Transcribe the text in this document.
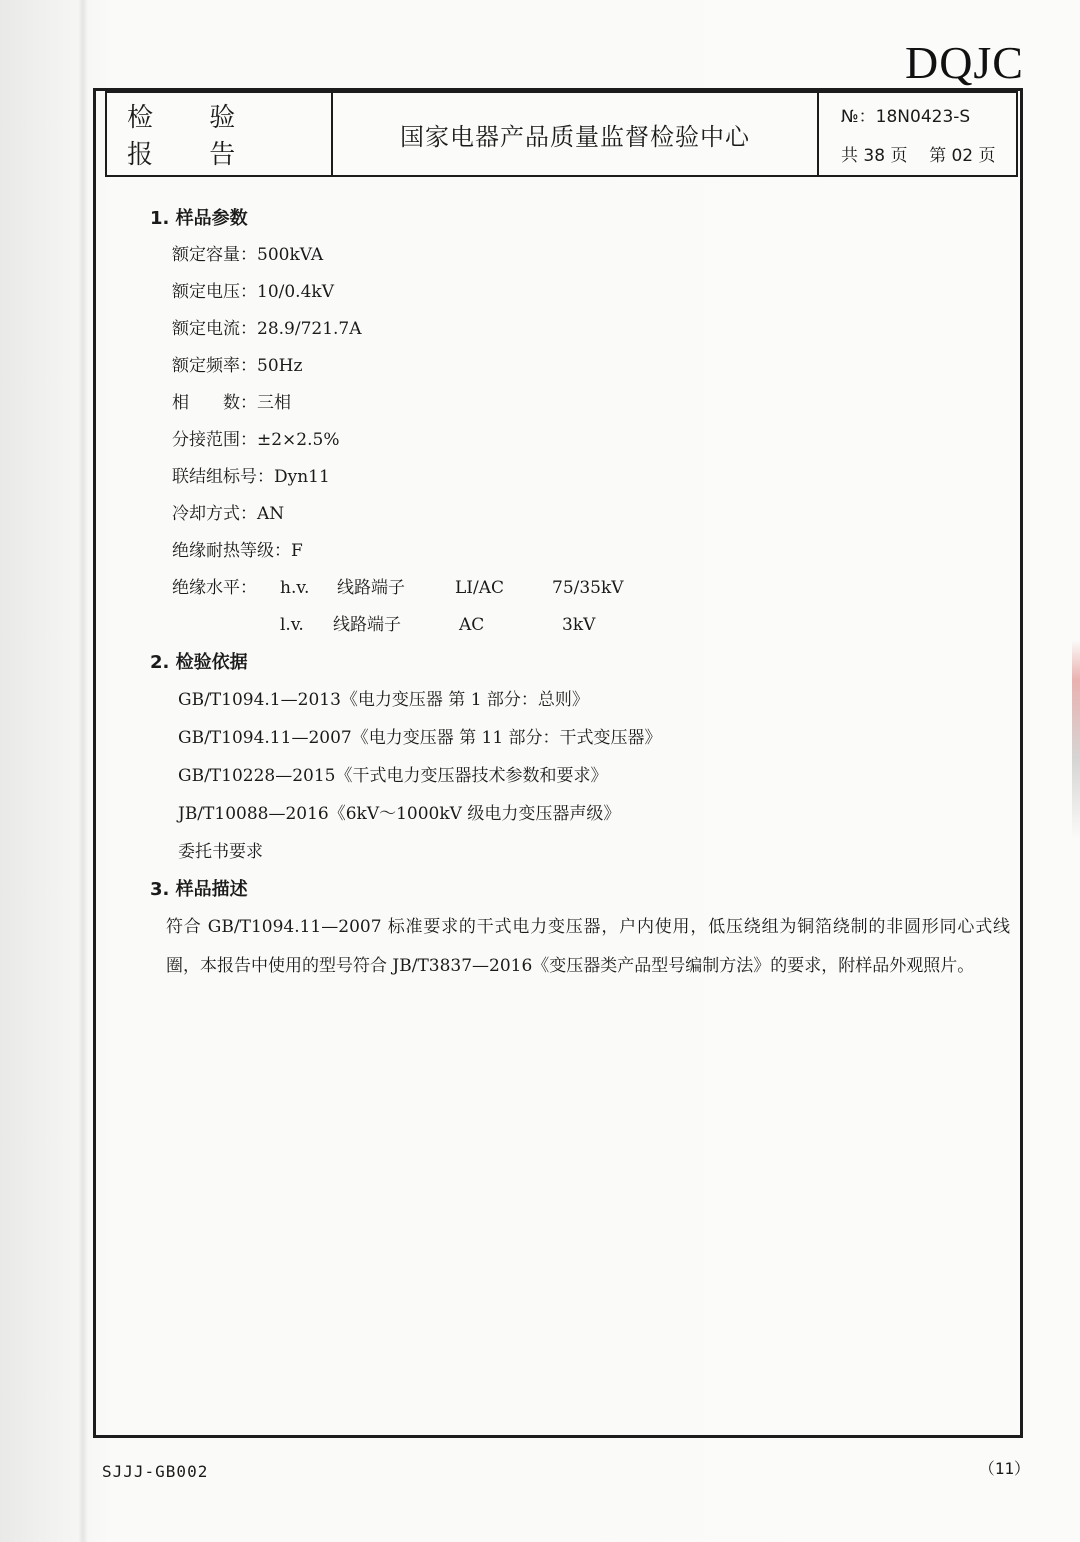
DQJC
检 验 报 告
国家电器产品质量监督检验中心
№：18N0423-S
共 38 页 第 02 页
1. 样品参数
额定容量：500kVA
额定电压：10/0.4kV
额定电流：28.9/721.7A
额定频率：50Hz
相　　数：三相
分接范围：±2×2.5%
联结组标号：Dyn11
冷却方式：AN
绝缘耐热等级：F
绝缘水平： h.v. 线路端子	LI/AC	75/35kV
l.v. 线路端子	AC	3kV
2. 检验依据
GB/T1094.1—2013《电力变压器 第 1 部分：总则》
GB/T1094.11—2007《电力变压器 第 11 部分：干式变压器》
GB/T10228—2015《干式电力变压器技术参数和要求》
JB/T10088—2016《6kV～1000kV 级电力变压器声级》
委托书要求
3. 样品描述
符合 GB/T1094.11—2007 标准要求的干式电力变压器，户内使用，低压绕组为铜箔绕制的非圆形同心式线圈，本报告中使用的型号符合 JB/T3837—2016《变压器类产品型号编制方法》的要求，附样品外观照片。
SJJJ-GB002	（11）
